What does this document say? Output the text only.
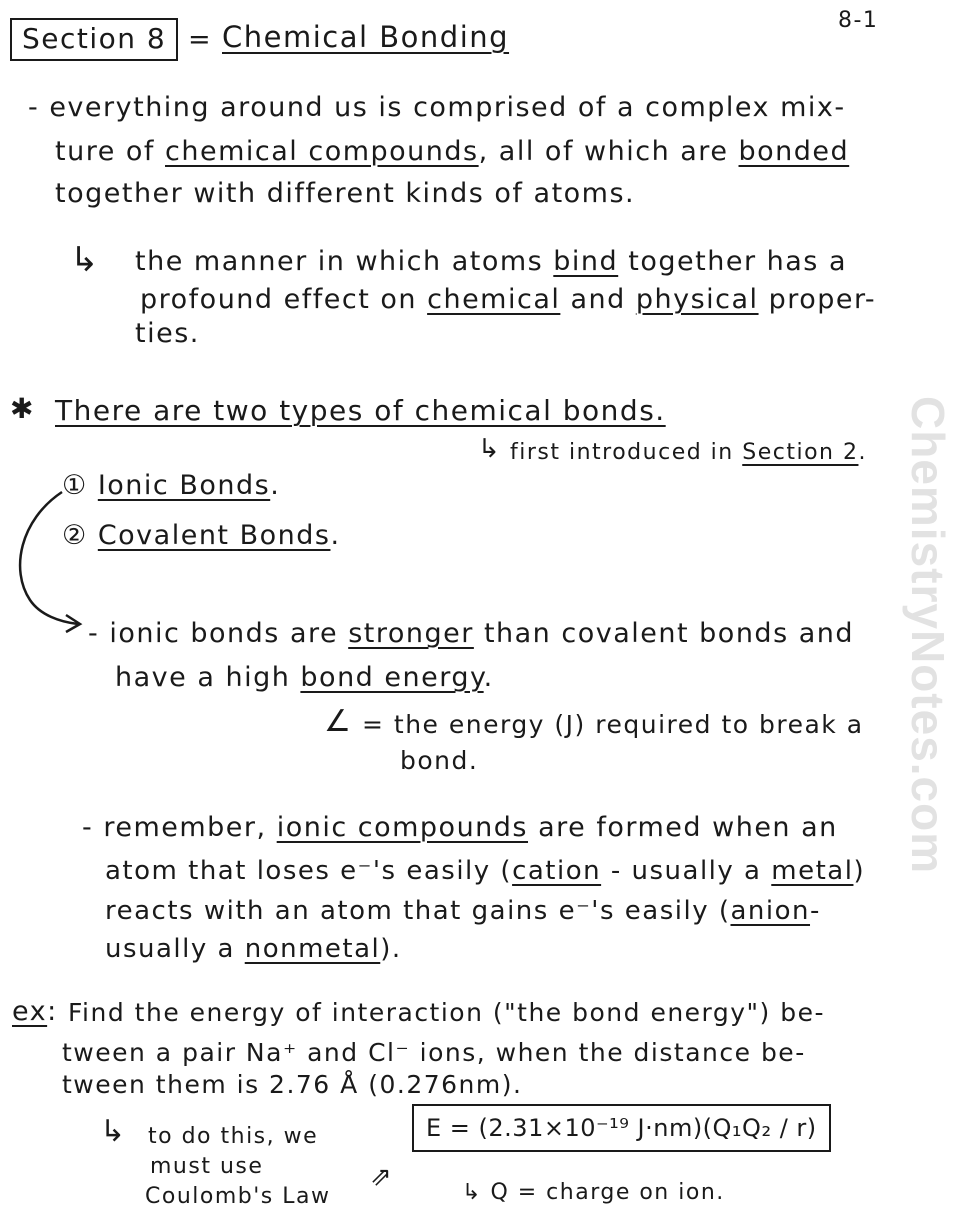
ChemistryNotes.com
Section 8 = Chemical Bonding	8-1
- everything around us is comprised of a complex mix-
ture of chemical compounds, all of which are bonded
together with different kinds of atoms.
↳ the manner in which atoms bind together has a
profound effect on chemical and physical proper-
ties.
✱ There are two types of chemical bonds.
↳ first introduced in Section 2.
① Ionic Bonds.
② Covalent Bonds.
- ionic bonds are stronger than covalent bonds and
have a high bond energy.
∠ = the energy (J) required to break a
bond.
- remember, ionic compounds are formed when an
atom that loses e⁻'s easily (cation - usually a metal)
reacts with an atom that gains e⁻'s easily (anion-
usually a nonmetal).
ex: Find the energy of interaction ("the bond energy") be-
tween a pair Na⁺ and Cl⁻ ions, when the distance be-
tween them is 2.76 Å (0.276nm).
↳ to do this, we
must use
E = (2.31×10⁻¹⁹ J·nm)(Q₁Q₂ / r)
⇗
Coulomb's Law	↳ Q = charge on ion.
